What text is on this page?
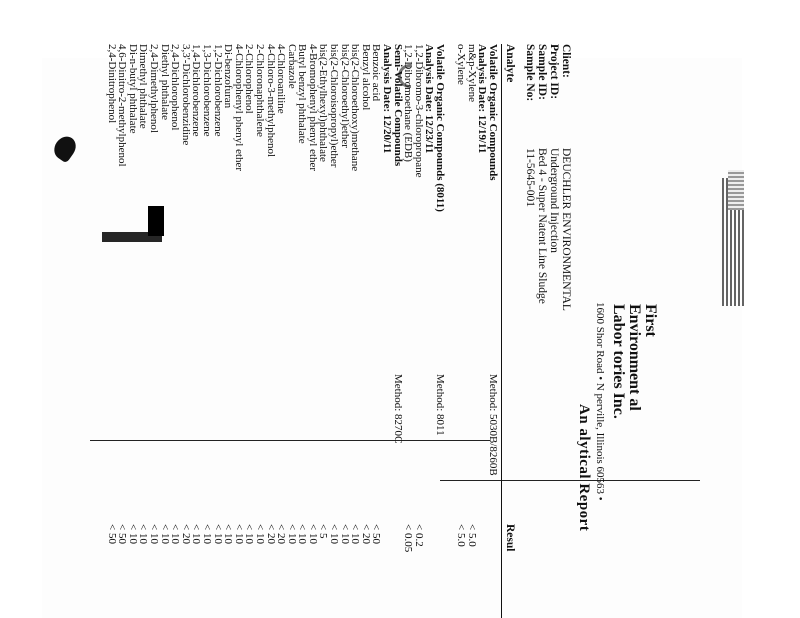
First
Environment al
Labor tories Inc.
1600 Shor Road • N perville, Illinois 60563 •
An alytical Report
Client:
DEUCHLER ENVIRONMENTAL
Project ID:
Underground Injection
Sample ID:
Bed 4 - Super Natent Line Sludge
Sample No:
11-5645-001
Analyte
Resul
Volatile Organic Compounds
Method: 5030B/8260B
Analysis Date: 12/19/11
m&p-Xylene
< 5.0
o-Xylene
< 5.0
Volatile Organic Compounds (8011)
Method: 8011
Analysis Date: 12/23/11
1,2-Dibromo-3-chloropropane
< 0.2
1,2-Dibromoethane (EDB)
< 0.05
Semi-Volatile Compounds
Method: 8270C
Analysis Date: 12/20/11
Benzoic acid
< 50
Benzyl alcohol
< 20
bis(2-Chloroethoxy)methane
< 10
bis(2-Chloroethyl)ether
< 10
bis(2-Chloroisopropyl)ether
< 10
bis(2-Ethylhexyl)phthalate
< 5
4-Bromophenyl phenyl ether
< 10
Butyl benzyl phthalate
< 10
Carbazole
< 10
4-Chloroaniline
< 20
4-Chloro-3-methylphenol
< 20
2-Chloronaphthalene
< 10
2-Chlorophenol
< 10
4-Chlorophenyl phenyl ether
< 10
Di-benzofuran
< 10
1,2-Dichlorobenzene
< 10
1,3-Dichlorobenzene
< 10
1,4-Dichlorobenzene
< 10
3,3'-Dichlorobenzidine
< 20
2,4-Dichlorophenol
< 10
Diethyl phthalate
< 10
2,4-Dimethylphenol
< 10
Dimethyl phthalate
< 10
Di-n-butyl phthalate
< 10
4,6-Dinitro-2-methylphenol
< 50
2,4-Dinitrophenol
< 50
